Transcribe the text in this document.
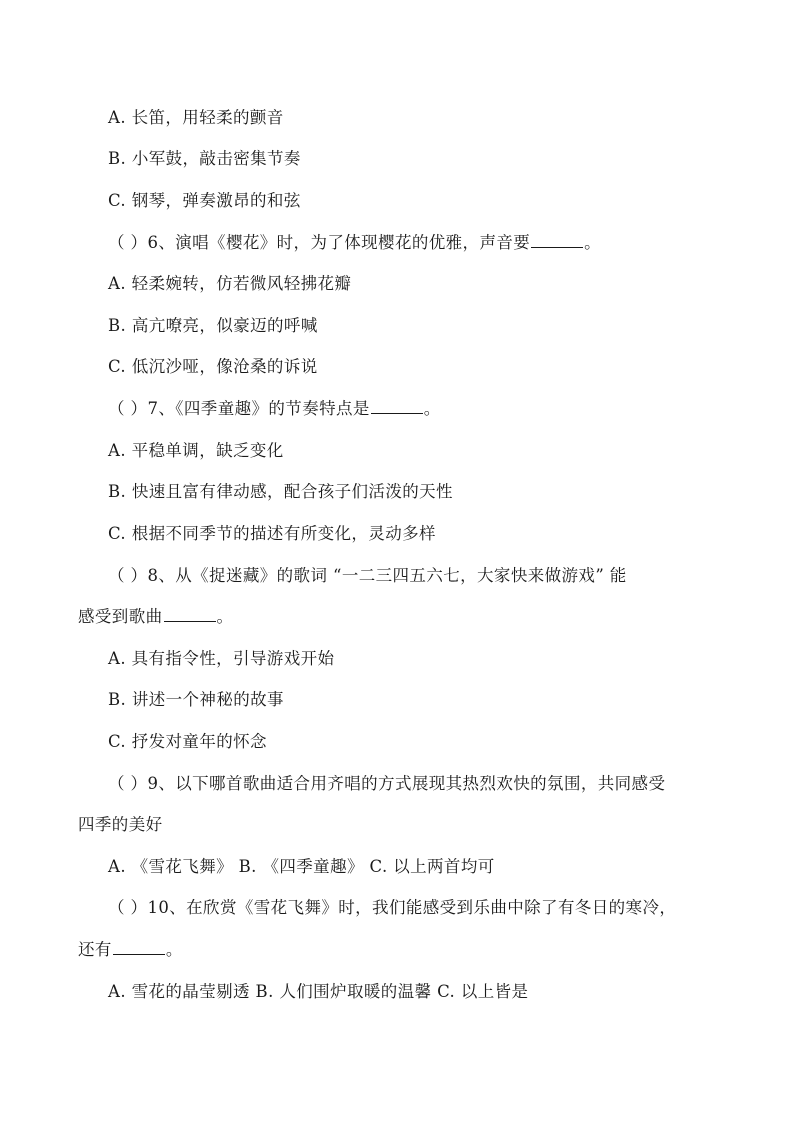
A. 长笛，用轻柔的颤音
B. 小军鼓，敲击密集节奏
C. 钢琴，弹奏激昂的和弦
（ ）6、演唱《樱花》时，为了体现樱花的优雅，声音要	。
A. 轻柔婉转，仿若微风轻拂花瓣
B. 高亢嘹亮，似豪迈的呼喊
C. 低沉沙哑，像沧桑的诉说
（ ）7、《四季童趣》的节奏特点是	。
A. 平稳单调，缺乏变化
B. 快速且富有律动感，配合孩子们活泼的天性
C. 根据不同季节的描述有所变化，灵动多样
（ ）8、从《捉迷藏》的歌词 “一二三四五六七，大家快来做游戏” 能
感受到歌曲	。
A. 具有指令性，引导游戏开始
B. 讲述一个神秘的故事
C. 抒发对童年的怀念
（ ）9、以下哪首歌曲适合用齐唱的方式展现其热烈欢快的氛围，共同感受
四季的美好
A. 《雪花飞舞》 B. 《四季童趣》 C. 以上两首均可
（ ）10、在欣赏《雪花飞舞》时，我们能感受到乐曲中除了有冬日的寒冷，
还有	。
A. 雪花的晶莹剔透 B. 人们围炉取暖的温馨 C. 以上皆是
